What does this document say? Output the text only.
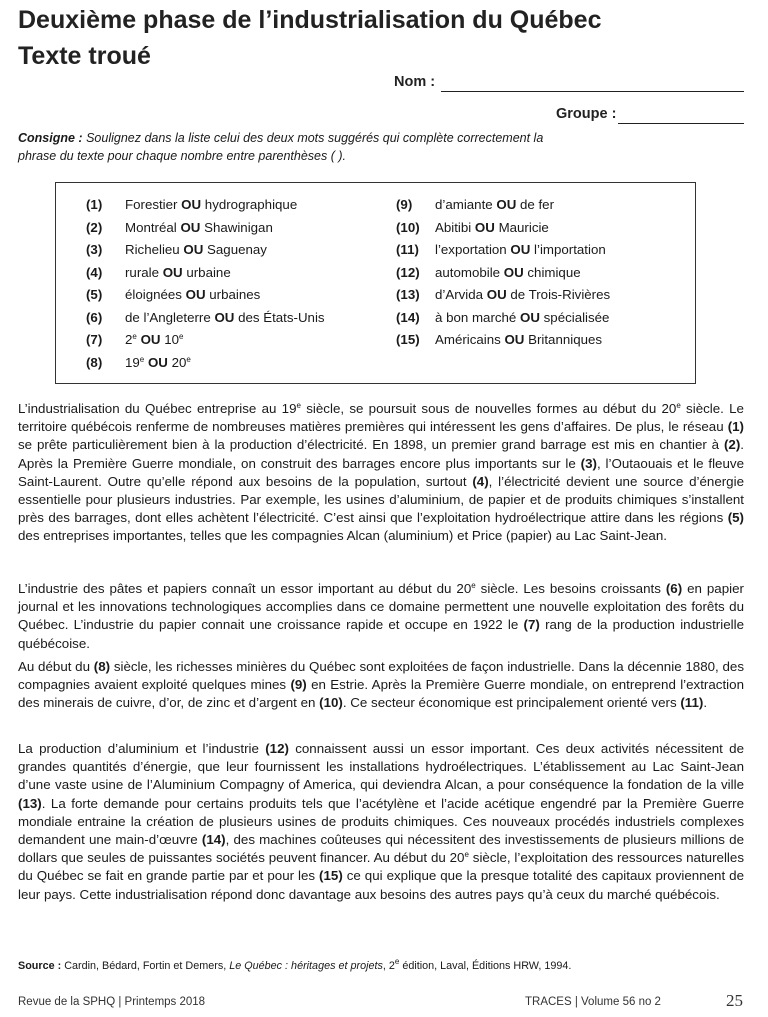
Deuxième phase de l’industrialisation du Québec
Texte troué
Nom :
Groupe :

Consigne : Soulignez dans la liste celui des deux mots suggérés qui complète correctement la phrase du texte pour chaque nombre entre parenthèses ( ).

(1) Forestier OU hydrographique
(2) Montréal OU Shawinigan
(3) Richelieu OU Saguenay
(4) rurale OU urbaine
(5) éloignées OU urbaines
(6) de l’Angleterre OU des États-Unis
(7) 2e OU 10e
(8) 19e OU 20e
(9) d’amiante OU de fer
(10) Abitibi OU Mauricie
(11) l’exportation OU l’importation
(12) automobile OU chimique
(13) d’Arvida OU de Trois-Rivières
(14) à bon marché OU spécialisée
(15) Américains OU Britanniques

L’industrialisation du Québec entreprise au 19e siècle, se poursuit sous de nouvelles formes au début du 20e siècle. Le territoire québécois renferme de nombreuses matières premières qui intéressent les gens d’affaires. De plus, le réseau (1) se prête particulièrement bien à la production d’électricité. En 1898, un premier grand barrage est mis en chantier à (2). Après la Première Guerre mondiale, on construit des barrages encore plus importants sur le (3), l’Outaouais et le fleuve Saint-Laurent. Outre qu’elle répond aux besoins de la population, surtout (4), l’électricité devient une source d’énergie essentielle pour plusieurs industries. Par exemple, les usines d’aluminium, de papier et de produits chimiques s’installent près des barrages, dont elles achètent l’électricité. C’est ainsi que l’exploitation hydroélectrique attire dans les régions (5) des entreprises importantes, telles que les compagnies Alcan (aluminium) et Price (papier) au Lac Saint-Jean.

L’industrie des pâtes et papiers connaît un essor important au début du 20e siècle. Les besoins croissants (6) en papier journal et les innovations technologiques accomplies dans ce domaine permettent une nouvelle exploitation des forêts du Québec. L’industrie du papier connait une croissance rapide et occupe en 1922 le (7) rang de la production industrielle québécoise.

Au début du (8) siècle, les richesses minières du Québec sont exploitées de façon industrielle. Dans la décennie 1880, des compagnies avaient exploité quelques mines (9) en Estrie. Après la Première Guerre mondiale, on entreprend l’extraction des minerais de cuivre, d’or, de zinc et d’argent en (10). Ce secteur économique est principalement orienté vers (11).

La production d’aluminium et l’industrie (12) connaissent aussi un essor important. Ces deux activités nécessitent de grandes quantités d’énergie, que leur fournissent les installations hydroélectriques. L’établissement au Lac Saint-Jean d’une vaste usine de l’Aluminium Compagny of America, qui deviendra Alcan, a pour conséquence la fondation de la ville (13). La forte demande pour certains produits tels que l’acétylène et l’acide acétique engendré par la Première Guerre mondiale entraine la création de plusieurs usines de produits chimiques. Ces nouveaux procédés industriels complexes demandent une main-d’œuvre (14), des machines coûteuses qui nécessitent des investissements de plusieurs millions de dollars que seules de puissantes sociétés peuvent financer. Au début du 20e siècle, l’exploitation des ressources naturelles du Québec se fait en grande partie par et pour les (15) ce qui explique que la presque totalité des capitaux proviennent de leur pays. Cette industrialisation répond donc davantage aux besoins des autres pays qu’à ceux du marché québécois.

Source : Cardin, Bédard, Fortin et Demers, Le Québec : héritages et projets, 2e édition, Laval, Éditions HRW, 1994.

Revue de la SPHQ | Printemps 2018	TRACES | Volume 56 no 2	25
